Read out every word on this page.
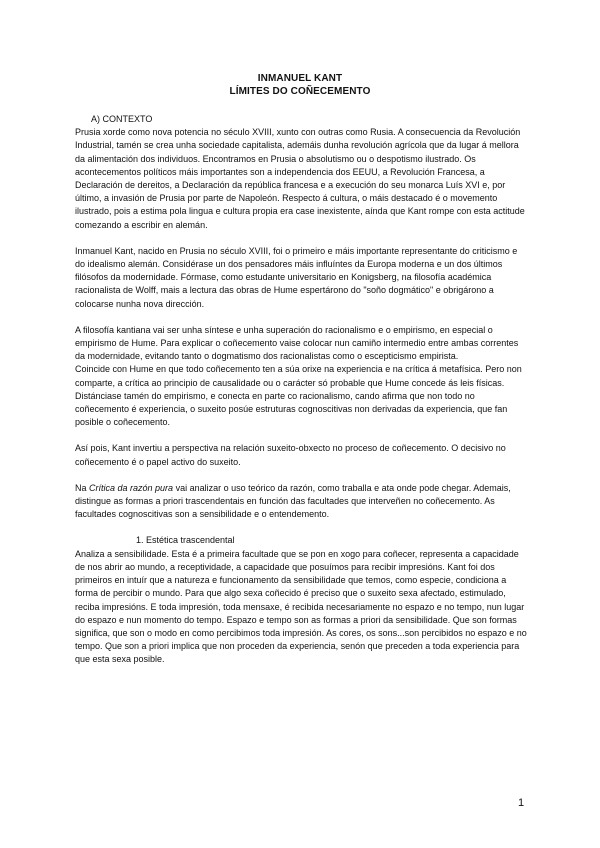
INMANUEL KANT
LÍMITES DO COÑECEMENTO

A) CONTEXTO

Prusia xorde como nova potencia no século XVIII, xunto con outras como Rusia. A consecuencia da Revolución Industrial, tamén se crea unha sociedade capitalista, ademáis dunha revolución agrícola que da lugar á mellora da alimentación dos individuos. Encontramos en Prusia o absolutismo ou o despotismo ilustrado. Os acontecementos políticos máis importantes son a independencia dos EEUU, a Revolución Francesa, a Declaración de dereitos, a Declaración da república francesa e a execución do seu monarca Luís XVI e, por último, a invasión de Prusia por parte de Napoleón. Respecto á cultura, o máis destacado é o movemento ilustrado, pois a estima pola lingua e cultura propia era case inexistente, aínda que Kant rompe con esta actitude comezando a escribir en alemán.

Inmanuel Kant, nacido en Prusia no século XVIII, foi o primeiro e máis importante representante do criticismo e do idealismo alemán. Considérase un dos pensadores máis influíntes da Europa moderna e un dos últimos filósofos da modernidade. Fórmase, como estudante universitario en Konigsberg, na filosofía académica racionalista de Wolff, mais a lectura das obras de Hume espertárono do "soño dogmático" e obrigárono a colocarse nunha nova dirección.

A filosofía kantiana vai ser unha síntese e unha superación do racionalismo e o empirismo, en especial o empirismo de Hume. Para explicar o coñecemento vaise colocar nun camiño intermedio entre ambas correntes da modernidade, evitando tanto o dogmatismo dos racionalistas como o escepticismo empirista.

Coincide con Hume en que todo coñecemento ten a súa orixe na experiencia e na crítica á metafísica. Pero non comparte, a crítica ao principio de causalidade ou o carácter só probable que Hume concede ás leis físicas. Distánciase tamén do empirismo, e conecta en parte co racionalismo, cando afirma que non todo no coñecemento é experiencia, o suxeito posúe estruturas cognoscitivas non derivadas da experiencia, que fan posible o coñecemento.

Así pois, Kant invertiu a perspectiva na relación suxeito-obxecto no proceso de coñecemento. O decisivo no coñecemento é o papel activo do suxeito.

Na Crítica da razón pura vai analizar o uso teórico da razón, como traballa e ata onde pode chegar. Ademais, distingue as formas a priori trascendentais en función das facultades que interveñen no coñecemento. As facultades cognoscitivas son a sensibilidade e o entendemento.

1. Estética trascendental

Analiza a sensibilidade. Esta é a primeira facultade que se pon en xogo para coñecer, representa a capacidade de nos abrir ao mundo, a receptividade, a capacidade que posuímos para recibir impresións. Kant foi dos primeiros en intuír que a natureza e funcionamento da sensibilidade que temos, como especie, condiciona a forma de percibir o mundo. Para que algo sexa coñecido é preciso que o suxeito sexa afectado, estimulado, reciba impresións. E toda impresión, toda mensaxe, é recibida necesariamente no espazo e no tempo, nun lugar do espazo e nun momento do tempo. Espazo e tempo son as formas a priori da sensibilidade. Que son formas significa, que son o modo en como percibimos toda impresión. As cores, os sons...son percibidos no espazo e no tempo. Que son a priori implica que non proceden da experiencia, senón que preceden a toda experiencia para que esta sexa posible.

1
